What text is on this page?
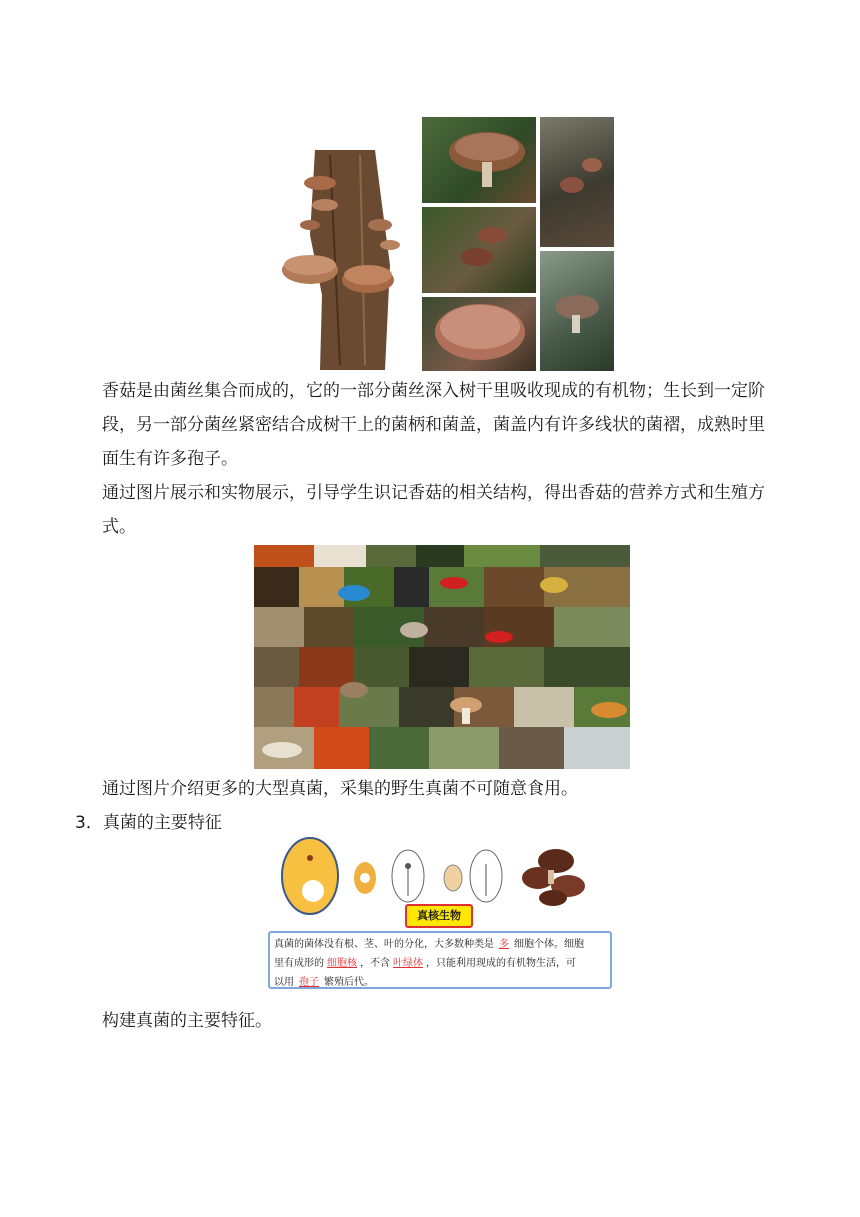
香菇是由菌丝集合而成的，它的一部分菌丝深入树干里吸收现成的有机物；生长到一定阶

段，另一部分菌丝紧密结合成树干上的菌柄和菌盖，菌盖内有许多线状的菌褶，成熟时里

面生有许多孢子。

通过图片展示和实物展示，引导学生识记香菇的相关结构，得出香菇的营养方式和生殖方

式。

通过图片介绍更多的大型真菌，采集的野生真菌不可随意食用。

3．真菌的主要特征
真核生物
真菌的菌体没有根、茎、叶的分化，大多数种类是 多 细胞个体。细胞
里有成形的 细胞核 ，不含 叶绿体 ，只能利用现成的有机物生活，可
以用 孢子 繁殖后代。

构建真菌的主要特征。
